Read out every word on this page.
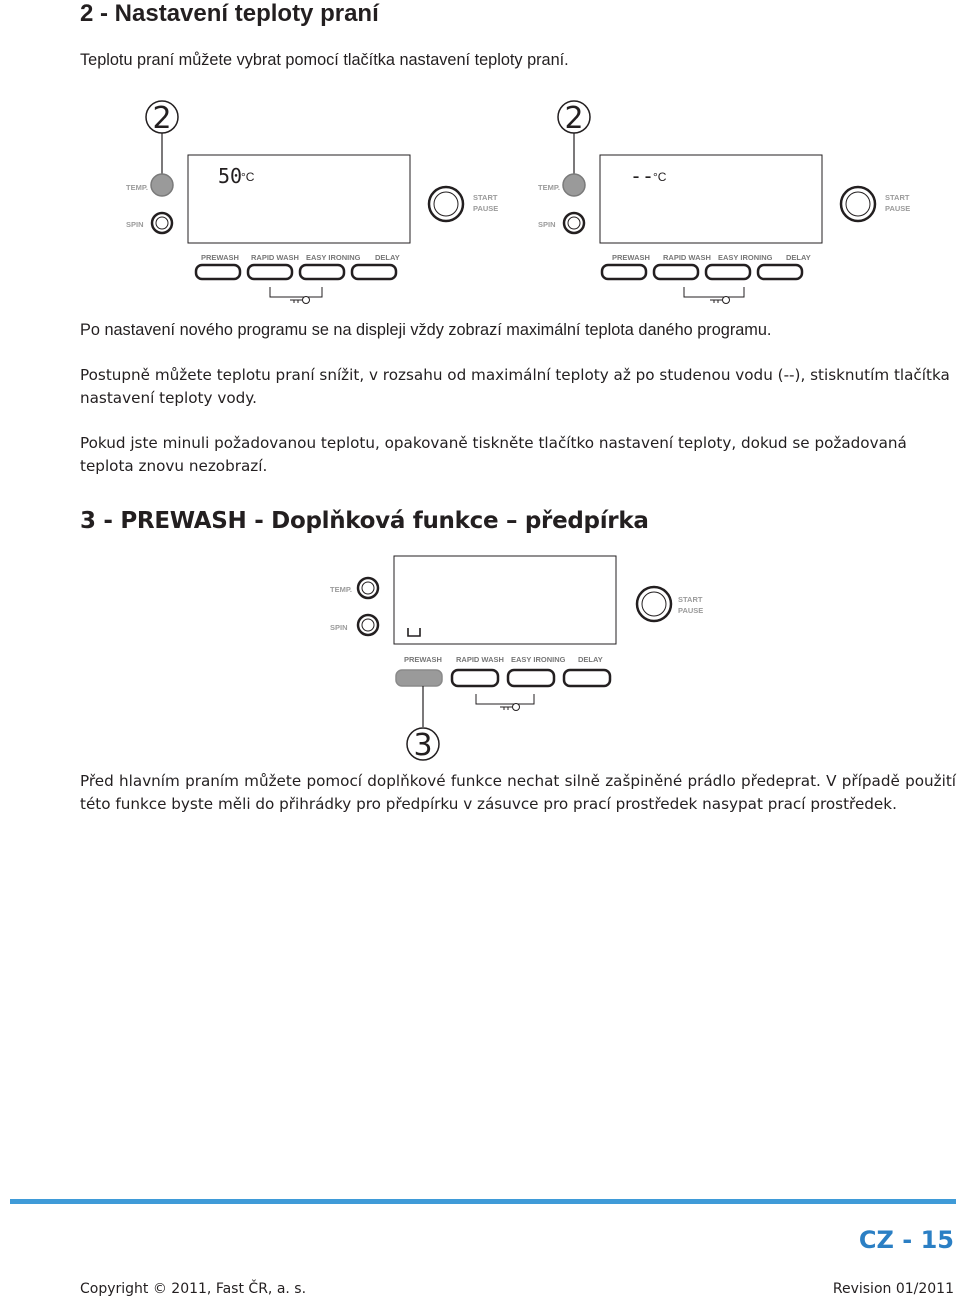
2 - Nastavení teploty praní

Teplotu praní můžete vybrat pomocí tlačítka nastavení teploty praní.

2
TEMP.
SPIN
50
°C
PREWASH RAPID WASH EASY IRONING DELAY
START
PAUSE
2
TEMP.
SPIN
--
°C
PREWASH RAPID WASH EASY IRONING DELAY
START
PAUSE

Po nastavení nového programu se na displeji vždy zobrazí maximální teplota daného programu.

Postupně můžete teplotu praní snížit, v rozsahu od maximální teploty až po studenou vodu (--), stisknutím tlačítka nastavení teploty vody.

Pokud jste minuli požadovanou teplotu, opakovaně tiskněte tlačítko nastavení teploty, dokud se požadovaná teplota znovu nezobrazí.

3 - PREWASH - Doplňková funkce – předpírka
TEMP.
SPIN
PREWASH RAPID WASH EASY IRONING DELAY
START
PAUSE
3

Před hlavním praním můžete pomocí doplňkové funkce nechat silně zašpiněné prádlo předeprat. V případě použití této funkce byste měli do přihrádky pro předpírku v zásuvce pro prací prostředek nasypat prací prostředek.

CZ - 15
Copyright © 2011, Fast ČR, a. s.	Revision 01/2011
